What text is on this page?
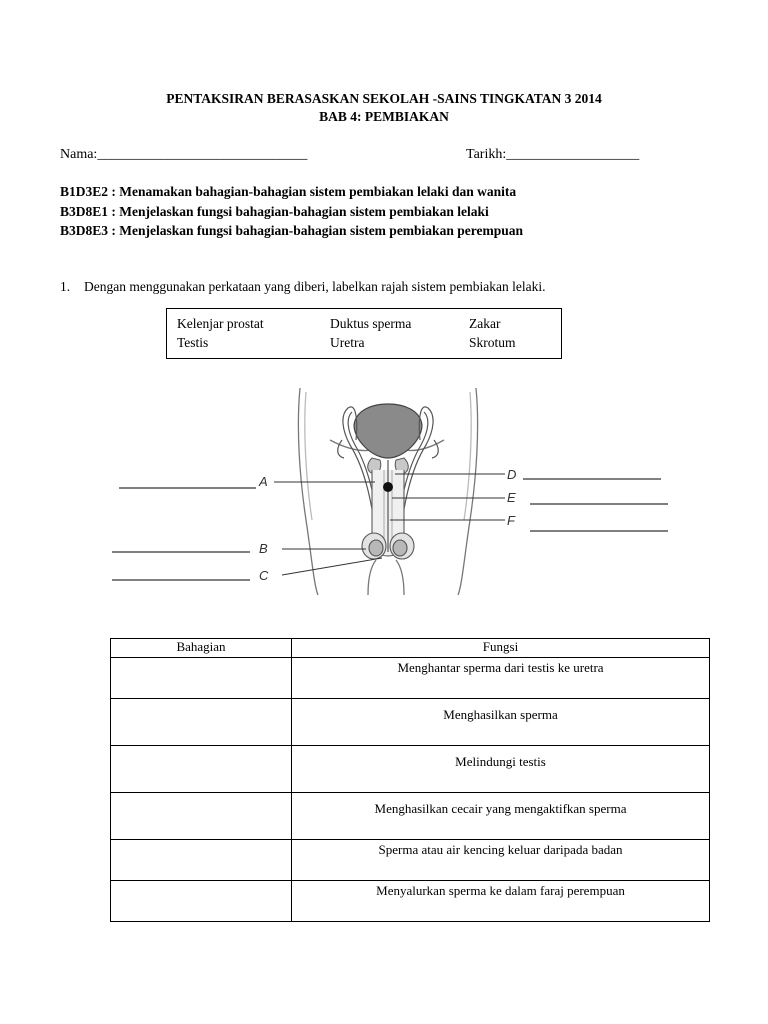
PENTAKSIRAN BERASASKAN SEKOLAH -SAINS TINGKATAN 3 2014
BAB 4: PEMBIAKAN
Nama:______________________________	Tarikh:___________________
B1D3E2 : Menamakan bahagian-bahagian sistem pembiakan lelaki dan wanita
B3D8E1 : Menjelaskan fungsi bahagian-bahagian sistem pembiakan lelaki
B3D8E3 : Menjelaskan fungsi bahagian-bahagian sistem pembiakan perempuan
1. Dengan menggunakan perkataan yang diberi, labelkan rajah sistem pembiakan lelaki.
Kelenjar prostat	Duktus sperma	Zakar
Testis	Uretra	Skrotum
A
B
C
D
E
F
Bahagian	Fungsi
	Menghantar sperma dari testis ke uretra
	Menghasilkan sperma
	Melindungi testis
	Menghasilkan cecair yang mengaktifkan sperma
	Sperma atau air kencing keluar daripada badan
	Menyalurkan sperma ke dalam faraj perempuan
